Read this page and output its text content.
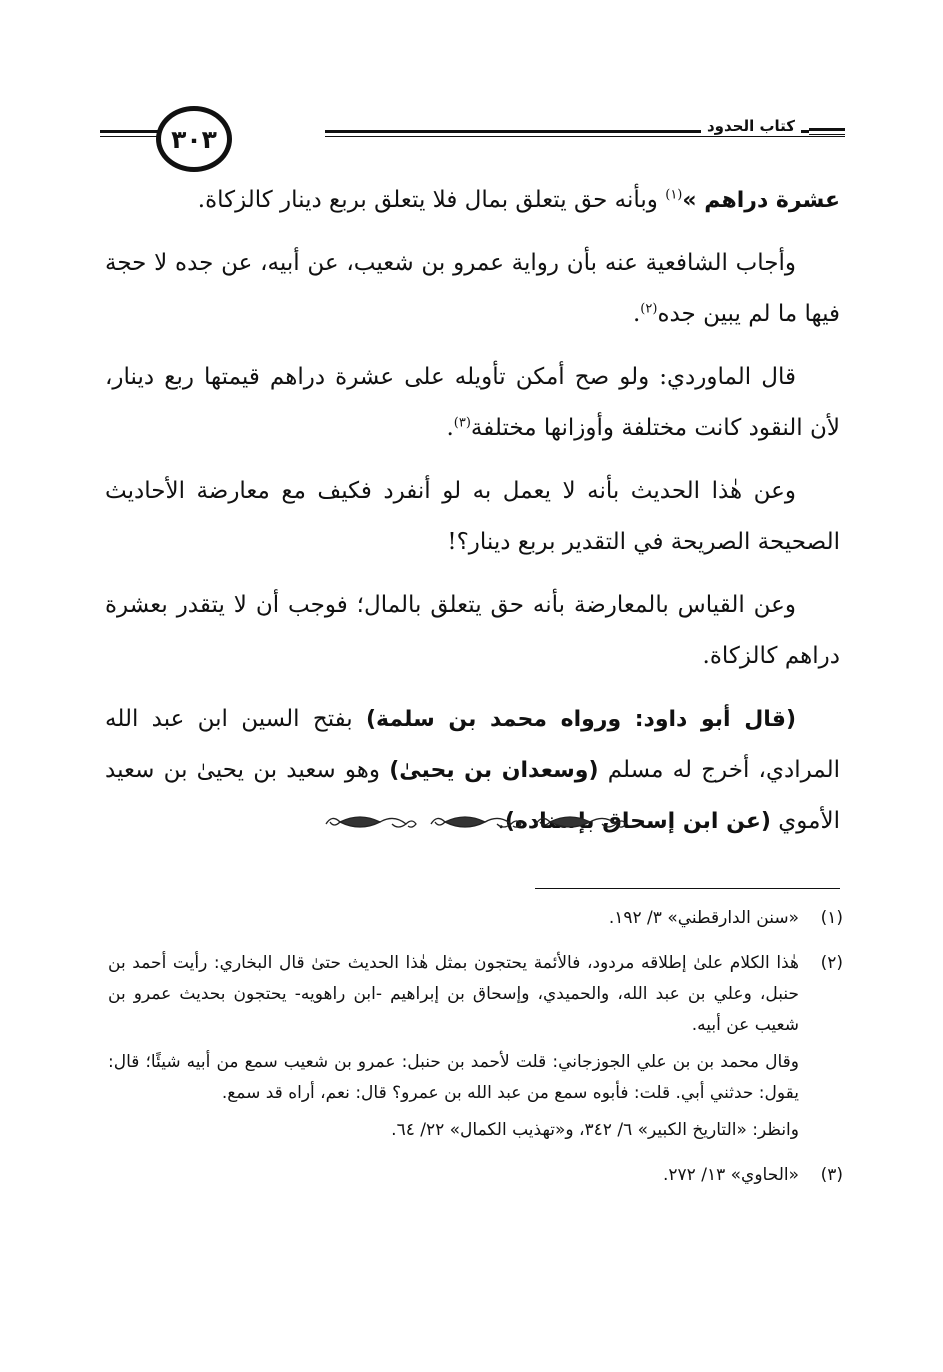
كتاب الحدود
٣٠٣

عشرة دراهم »$^{(١)}$ وبأنه حق يتعلق بمال فلا يتعلق بربع دينار كالزكاة.

وأجاب الشافعية عنه بأن رواية عمرو بن شعيب، عن أبيه، عن جده لا حجة فيها ما لم يبين جده$^{(٢)}$.

قال الماوردي: ولو صح أمكن تأويله على عشرة دراهم قيمتها ربع دينار، لأن النقود كانت مختلفة وأوزانها مختلفة$^{(٣)}$.

وعن هٰذا الحديث بأنه لا يعمل به لو أنفرد فكيف مع معارضة الأحاديث الصحيحة الصريحة في التقدير بربع دينار؟!

وعن القياس بالمعارضة بأنه حق يتعلق بالمال؛ فوجب أن لا يتقدر بعشرة دراهم كالزكاة.

(قال أبو داود: ورواه محمد بن سلمة) بفتح السين ابن عبد الله المرادي، أخرج له مسلم (وسعدان بن يحيىٰ) وهو سعيد بن يحيىٰ بن سعيد الأموي (عن ابن إسحاق بإسناده).

(١)

«سنن الدارقطني» ٣/ ١٩٢.

(٢)

هٰذا الكلام علىٰ إطلاقه مردود، فالأئمة يحتجون بمثل هٰذا الحديث حتىٰ قال البخاري: رأيت أحمد بن حنبل، وعلي بن عبد الله، والحميدي، وإسحاق بن إبراهيم -ابن راهويه- يحتجون بحديث عمرو بن شعيب عن أبيه.

وقال محمد بن بن علي الجوزجاني: قلت لأحمد بن حنبل: عمرو بن شعيب سمع من أبيه شيئًا؛ قال: يقول: حدثني أبي. قلت: فأبوه سمع من عبد الله بن عمرو؟ قال: نعم، أراه قد سمع.

وانظر: «التاريخ الكبير» ٦/ ٣٤٢، و«تهذيب الكمال» ٢٢/ ٦٤.

(٣)

«الحاوي» ١٣/ ٢٧٢.
